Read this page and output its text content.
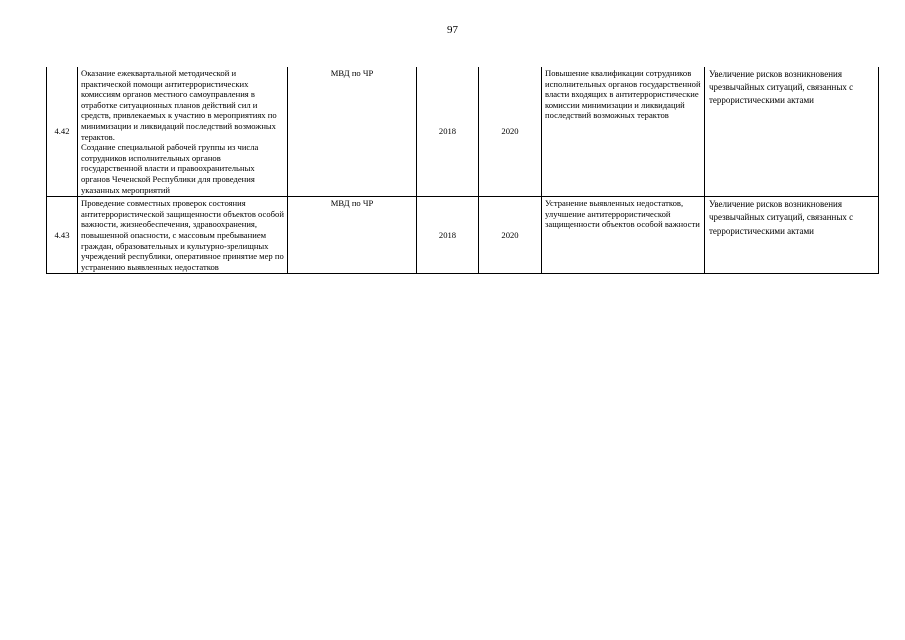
97
4.42	Оказание ежеквартальной методической и практической помощи антитеррористических комиссиям органов местного самоуправления в отработке ситуационных планов действий сил и средств, привлекаемых к участию в мероприятиях по минимизации и ликвидаций последствий возможных терактов.
Создание специальной рабочей группы из числа сотрудников исполнительных органов государственной власти и правоохранительных органов Чеченской Республики для проведения указанных мероприятий	МВД по ЧР	2018	2020	Повышение квалификации сотрудников исполнительных органов государственной власти входящих в антитеррористические комиссии минимизации и ликвидаций последствий возможных терактов	Увеличение рисков возникновения чрезвычайных ситуаций, связанных с террористическими актами
4.43	Проведение совместных проверок состояния антитеррористической защищенности объектов особой важности, жизнеобеспечения, здравоохранения, повышенной опасности, с массовым пребыванием граждан, образовательных и культурно-зрелищных учреждений республики, оперативное принятие мер по устранению выявленных недостатков	МВД по ЧР	2018	2020	Устранение выявленных недостатков, улучшение антитеррористической защищенности объектов особой важности	Увеличение рисков возникновения чрезвычайных ситуаций, связанных с террористическими актами
